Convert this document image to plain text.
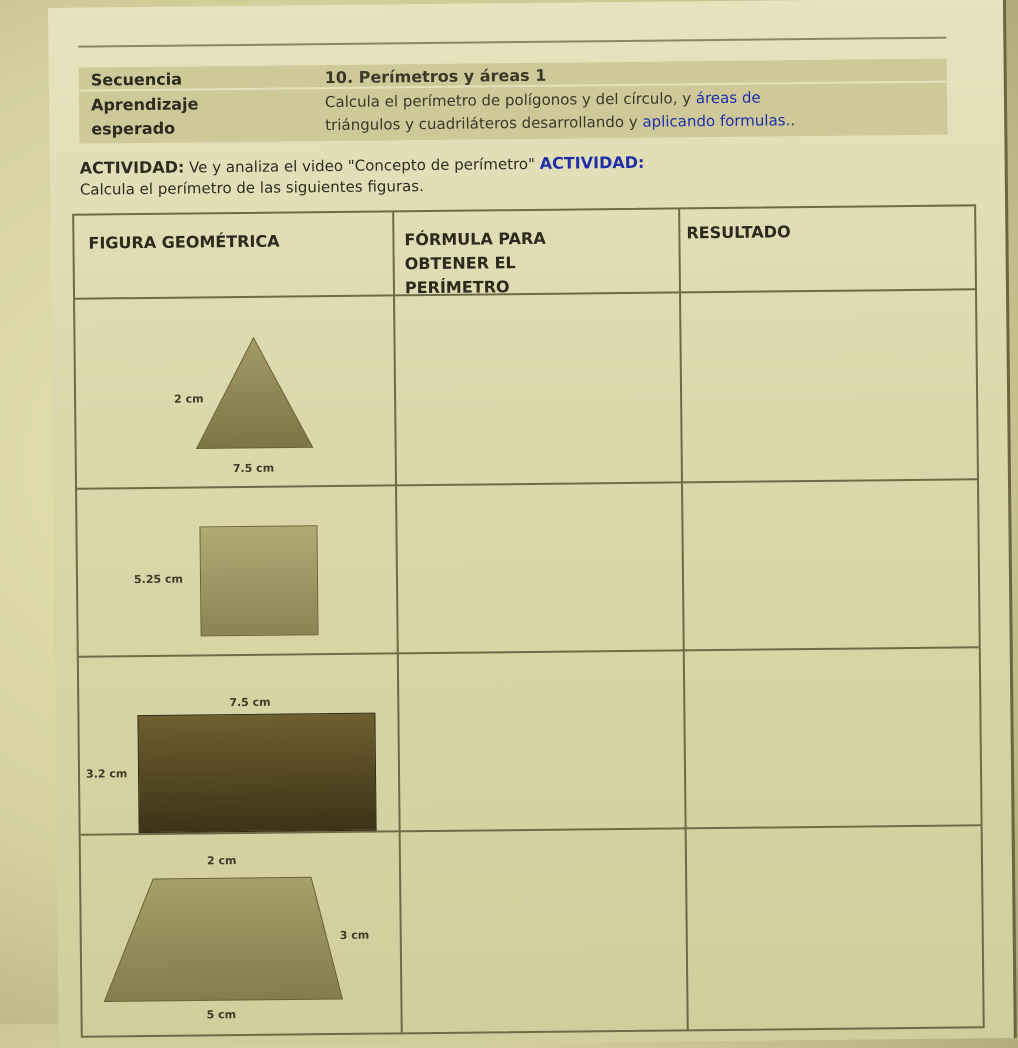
Secuencia	10. Perímetros y áreas 1
Aprendizaje
esperado
Calcula el perímetro de polígonos y del círculo, y áreas de
triángulos y cuadriláteros desarrollando y aplicando formulas..
ACTIVIDAD: Ve y analiza el video "Concepto de perímetro" ACTIVIDAD:
Calcula el perímetro de las siguientes figuras.
FIGURA GEOMÉTRICA	FÓRMULA PARA
OBTENER EL
PERÍMETRO
RESULTADO
2 cm
7.5 cm
5.25 cm
7.5 cm
3.2 cm
2 cm
3 cm
5 cm
